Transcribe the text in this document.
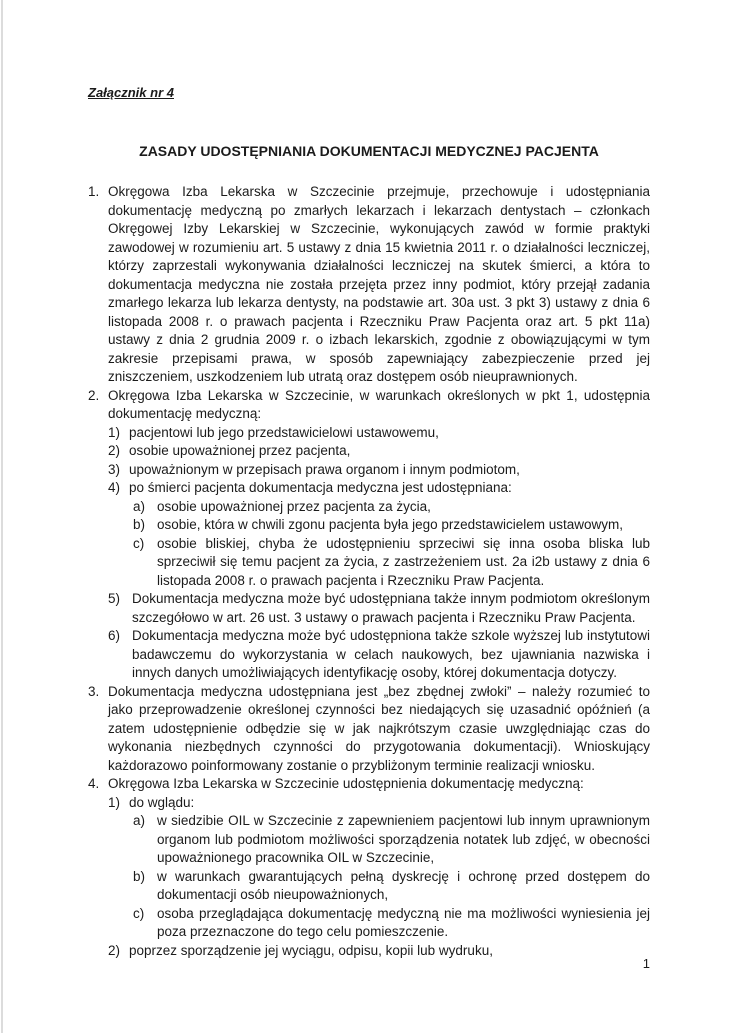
Załącznik nr 4
ZASADY UDOSTĘPNIANIA DOKUMENTACJI MEDYCZNEJ PACJENTA
1. Okręgowa Izba Lekarska w Szczecinie przejmuje, przechowuje i udostępniania dokumentację medyczną po zmarłych lekarzach i lekarzach dentystach – członkach Okręgowej Izby Lekarskiej w Szczecinie, wykonujących zawód w formie praktyki zawodowej w rozumieniu art. 5 ustawy z dnia 15 kwietnia 2011 r. o działalności leczniczej, którzy zaprzestali wykonywania działalności leczniczej na skutek śmierci, a która to dokumentacja medyczna nie została przejęta przez inny podmiot, który przejął zadania zmarłego lekarza lub lekarza dentysty, na podstawie art. 30a ust. 3 pkt 3) ustawy z dnia 6 listopada 2008 r. o prawach pacjenta i Rzeczniku Praw Pacjenta oraz art. 5 pkt 11a) ustawy z dnia 2 grudnia 2009 r. o izbach lekarskich, zgodnie z obowiązującymi w tym zakresie przepisami prawa, w sposób zapewniający zabezpieczenie przed jej zniszczeniem, uszkodzeniem lub utratą oraz dostępem osób nieuprawnionych.
2. Okręgowa Izba Lekarska w Szczecinie, w warunkach określonych w pkt 1, udostępnia dokumentację medyczną:
1) pacjentowi lub jego przedstawicielowi ustawowemu,
2) osobie upoważnionej przez pacjenta,
3) upoważnionym w przepisach prawa organom i innym podmiotom,
4) po śmierci pacjenta dokumentacja medyczna jest udostępniana:
a) osobie upoważnionej przez pacjenta za życia,
b) osobie, która w chwili zgonu pacjenta była jego przedstawicielem ustawowym,
c) osobie bliskiej, chyba że udostępnieniu sprzeciwi się inna osoba bliska lub sprzeciwił się temu pacjent za życia, z zastrzeżeniem ust. 2a i2b ustawy z dnia 6 listopada 2008 r. o prawach pacjenta i Rzeczniku Praw Pacjenta.
5) Dokumentacja medyczna może być udostępniana także innym podmiotom określonym szczegółowo w art. 26 ust. 3 ustawy o prawach pacjenta i Rzeczniku Praw Pacjenta.
6) Dokumentacja medyczna może być udostępniona także szkole wyższej lub instytutowi badawczemu do wykorzystania w celach naukowych, bez ujawniania nazwiska i innych danych umożliwiających identyfikację osoby, której dokumentacja dotyczy.
3. Dokumentacja medyczna udostępniana jest „bez zbędnej zwłoki” – należy rozumieć to jako przeprowadzenie określonej czynności bez niedających się uzasadnić opóźnień (a zatem udostępnienie odbędzie się w jak najkrótszym czasie uwzględniając czas do wykonania niezbędnych czynności do przygotowania dokumentacji). Wnioskujący każdorazowo poinformowany zostanie o przybliżonym terminie realizacji wniosku.
4. Okręgowa Izba Lekarska w Szczecinie udostępnienia dokumentację medyczną:
1) do wglądu:
a) w siedzibie OIL w Szczecinie z zapewnieniem pacjentowi lub innym uprawnionym organom lub podmiotom możliwości sporządzenia notatek lub zdjęć, w obecności upoważnionego pracownika OIL w Szczecinie,
b) w warunkach gwarantujących pełną dyskrecję i ochronę przed dostępem do dokumentacji osób nieupoważnionych,
c) osoba przeglądająca dokumentację medyczną nie ma możliwości wyniesienia jej poza przeznaczone do tego celu pomieszczenie.
2) poprzez sporządzenie jej wyciągu, odpisu, kopii lub wydruku,
1
